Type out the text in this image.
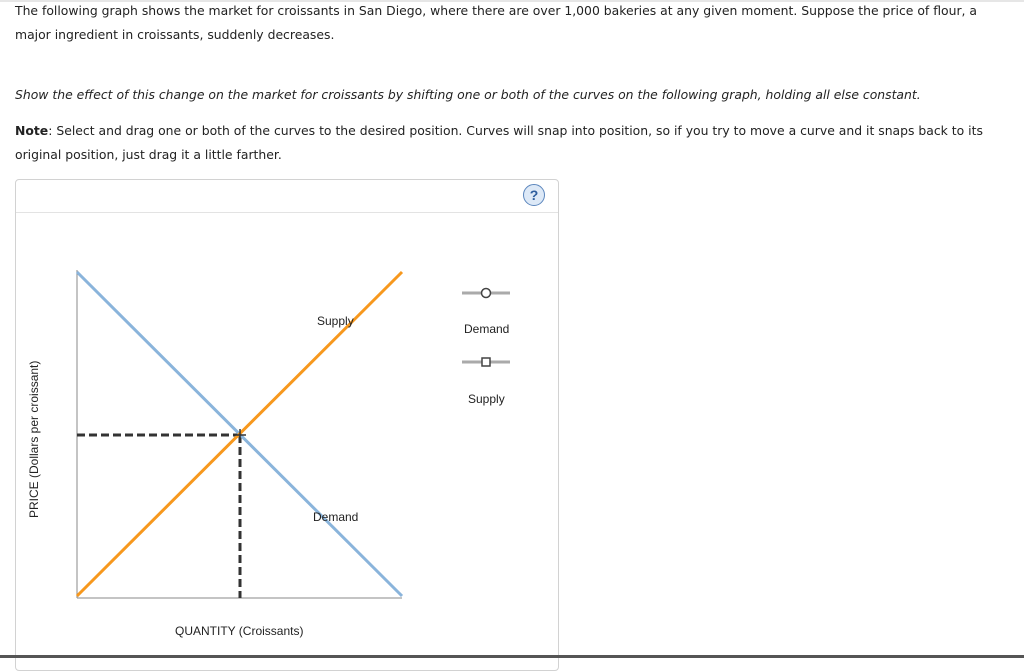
The following graph shows the market for croissants in San Diego, where there are over 1,000 bakeries at any given moment. Suppose the price of flour, a major ingredient in croissants, suddenly decreases.

Show the effect of this change on the market for croissants by shifting one or both of the curves on the following graph, holding all else constant.

Note: Select and drag one or both of the curves to the desired position. Curves will snap into position, so if you try to move a curve and it snaps back to its original position, just drag it a little farther.

?
Supply
Demand
QUANTITY (Croissants)
PRICE (Dollars per croissant)
Demand
Supply
